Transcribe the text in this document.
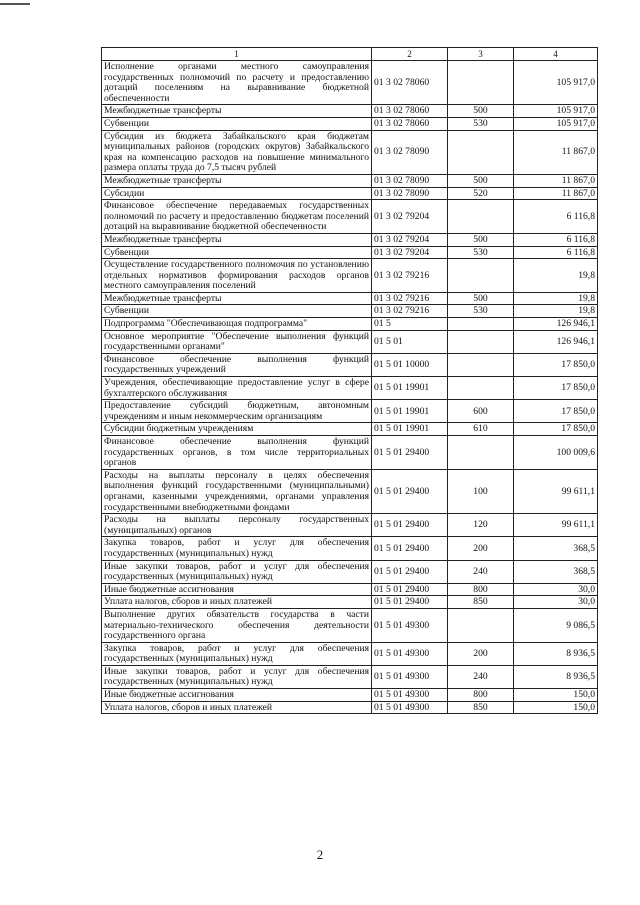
1	2	3	4
Исполнение органами местного самоуправления государственных полномочий по расчету и предоставлению дотаций поселениям на выравнивание бюджетной обеспеченности	01 3 02 78060		105 917,0
Межбюджетные трансферты	01 3 02 78060	500	105 917,0
Субвенции	01 3 02 78060	530	105 917,0
Субсидия из бюджета Забайкальского края бюджетам муниципальных районов (городских округов) Забайкальского края на компенсацию расходов на повышение минимального размера оплаты труда до 7,5 тысяч рублей	01 3 02 78090		11 867,0
Межбюджетные трансферты	01 3 02 78090	500	11 867,0
Субсидии	01 3 02 78090	520	11 867,0
Финансовое обеспечение передаваемых государственных полномочий по расчету и предоставлению бюджетам поселений дотаций на выравнивание бюджетной обеспеченности	01 3 02 79204		6 116,8
Межбюджетные трансферты	01 3 02 79204	500	6 116,8
Субвенции	01 3 02 79204	530	6 116,8
Осуществление государственного полномочия по установлению отдельных нормативов формирования расходов органов местного самоуправления поселений	01 3 02 79216		19,8
Межбюджетные трансферты	01 3 02 79216	500	19,8
Субвенции	01 3 02 79216	530	19,8
Подпрограмма "Обеспечивающая подпрограмма"	01 5		126 946,1
Основное мероприятие "Обеспечение выполнения функций государственными органами"	01 5 01		126 946,1
Финансовое обеспечение выполнения функций государственных учреждений	01 5 01 10000		17 850,0
Учреждения, обеспечивающие предоставление услуг в сфере бухгалтерского обслуживания	01 5 01 19901		17 850,0
Предоставление субсидий бюджетным, автономным учреждениям и иным некоммерческим организациям	01 5 01 19901	600	17 850,0
Субсидии бюджетным учреждениям	01 5 01 19901	610	17 850,0
Финансовое обеспечение выполнения функций государственных органов, в том числе территориальных органов	01 5 01 29400		100 009,6
Расходы на выплаты персоналу в целях обеспечения выполнения функций государственными (муниципальными) органами, казенными учреждениями, органами управления государственными внебюджетными фондами	01 5 01 29400	100	99 611,1
Расходы на выплаты персоналу государственных (муниципальных) органов	01 5 01 29400	120	99 611,1
Закупка товаров, работ и услуг для обеспечения государственных (муниципальных) нужд	01 5 01 29400	200	368,5
Иные закупки товаров, работ и услуг для обеспечения государственных (муниципальных) нужд	01 5 01 29400	240	368,5
Иные бюджетные ассигнования	01 5 01 29400	800	30,0
Уплата налогов, сборов и иных платежей	01 5 01 29400	850	30,0
Выполнение других обязательств государства в части материально-технического обеспечения деятельности государственного органа	01 5 01 49300		9 086,5
Закупка товаров, работ и услуг для обеспечения государственных (муниципальных) нужд	01 5 01 49300	200	8 936,5
Иные закупки товаров, работ и услуг для обеспечения государственных (муниципальных) нужд	01 5 01 49300	240	8 936,5
Иные бюджетные ассигнования	01 5 01 49300	800	150,0
Уплата налогов, сборов и иных платежей	01 5 01 49300	850	150,0
2
